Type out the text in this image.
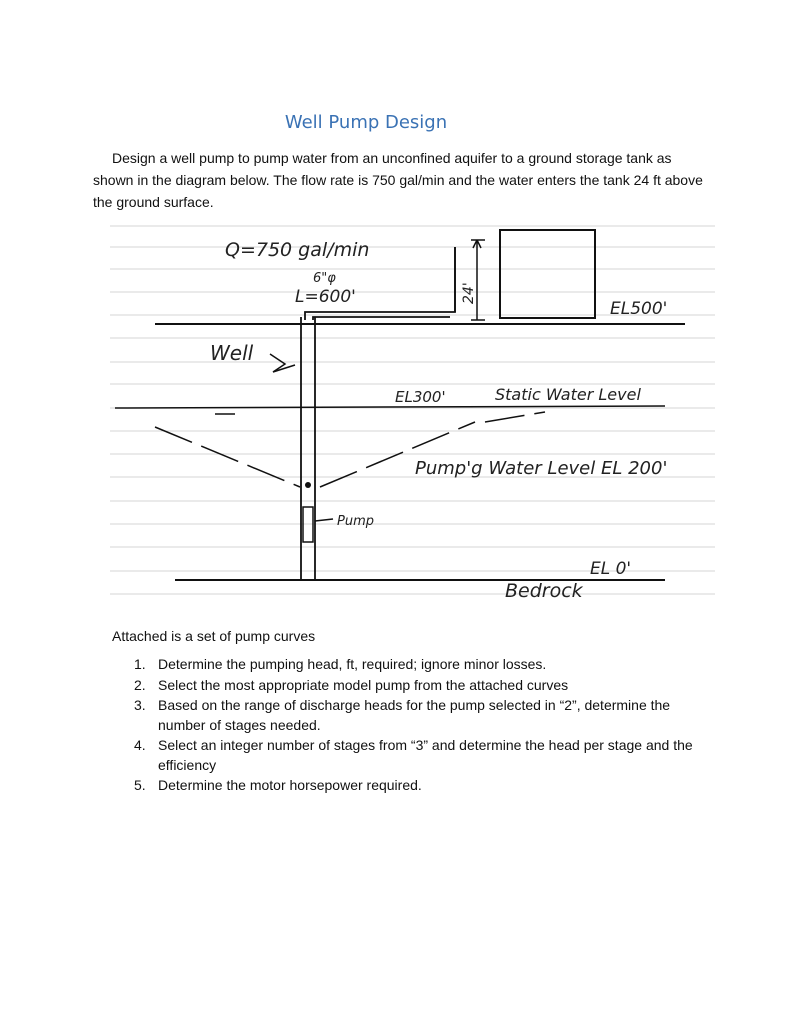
Well Pump Design

Design a well pump to pump water from an unconfined aquifer to a ground storage tank as shown in the diagram below. The flow rate is 750 gal/min and the water enters the tank 24 ft above the ground surface.

Q=750 gal/min
6"φ
L=600'	24'
EL500'
Well
EL300'	Static Water Level
Pump'g Water Level EL 200'
Pump
EL 0'
Bedrock
Attached is a set of pump curves
1. Determine the pumping head, ft, required; ignore minor losses.
2. Select the most appropriate model pump from the attached curves
3. Based on the range of discharge heads for the pump selected in “2”, determine the number of stages needed.
4. Select an integer number of stages from “3” and determine the head per stage and the efficiency
5. Determine the motor horsepower required.
